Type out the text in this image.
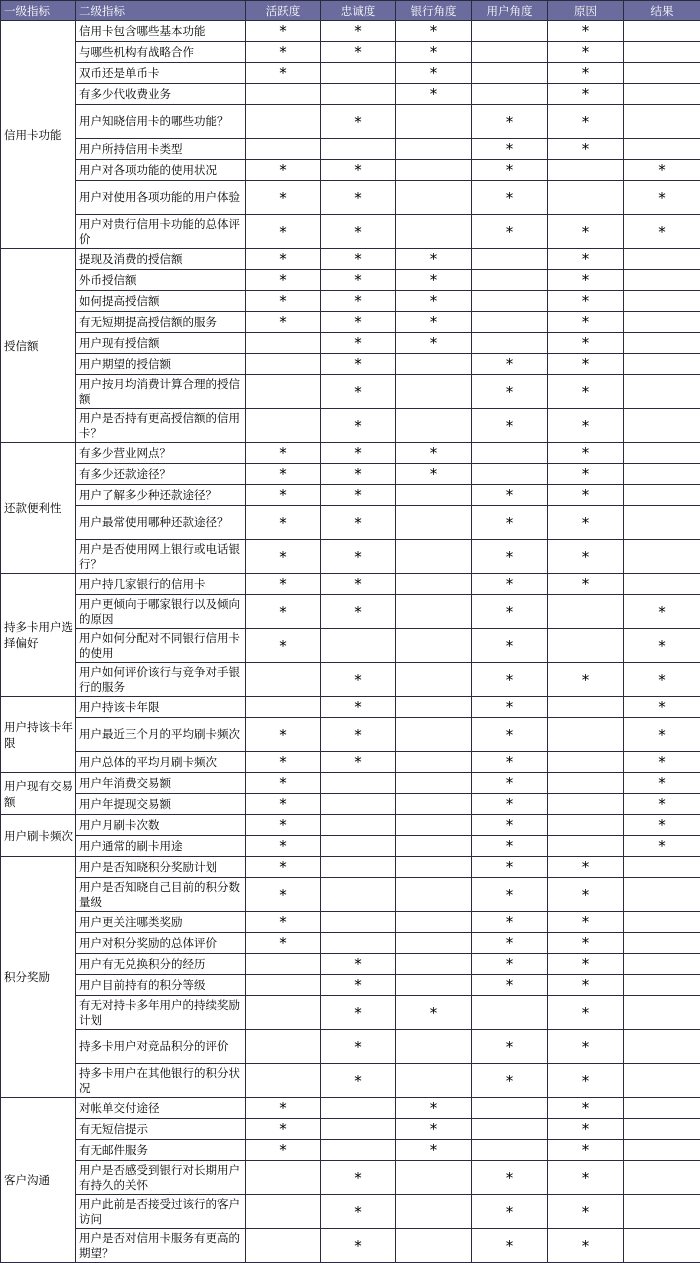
一级指标	二级指标	活跃度	忠诚度	银行角度	用户角度	原因	结果
信用卡功能	信用卡包含哪些基本功能	*	*	*		*	
	与哪些机构有战略合作	*	*	*		*	
	双币还是单币卡	*		*		*	
	有多少代收费业务			*		*	
	用户知晓信用卡的哪些功能？		*		*	*	
	用户所持信用卡类型				*	*	
	用户对各项功能的使用状况	*	*		*		*
	用户对使用各项功能的用户体验	*	*		*		*
	用户对贵行信用卡功能的总体评价	*	*		*	*	*
授信额	提现及消费的授信额	*	*	*		*	
	外币授信额	*	*	*		*	
	如何提高授信额	*	*	*		*	
	有无短期提高授信额的服务	*	*	*		*	
	用户现有授信额		*	*		*	
	用户期望的授信额		*		*	*	
	用户按月均消费计算合理的授信额		*		*	*	
	用户是否持有更高授信额的信用卡？		*		*	*	
还款便利性	有多少营业网点？	*	*	*		*	
	有多少还款途径？	*	*	*		*	
	用户了解多少种还款途径？	*	*		*	*	
	用户最常使用哪种还款途径？	*	*		*	*	
	用户是否使用网上银行或电话银行？	*	*		*	*	
持多卡用户选择偏好	用户持几家银行的信用卡	*	*		*	*	
	用户更倾向于哪家银行以及倾向的原因	*	*		*		*
	用户如何分配对不同银行信用卡的使用	*			*		*
	用户如何评价该行与竞争对手银行的服务		*		*	*	*
用户持该卡年限	用户持该卡年限		*		*		*
	用户最近三个月的平均刷卡频次	*	*		*		*
	用户总体的平均月刷卡频次	*	*		*		*
用户现有交易额	用户年消费交易额	*			*		*
	用户年提现交易额	*			*		*
用户刷卡频次	用户月刷卡次数	*			*		*
	用户通常的刷卡用途	*			*		*
积分奖励	用户是否知晓积分奖励计划	*			*	*	
	用户是否知晓自己目前的积分数量级	*			*	*	
	用户更关注哪类奖励	*			*	*	
	用户对积分奖励的总体评价	*			*	*	
	用户有无兑换积分的经历		*		*	*	
	用户目前持有的积分等级		*		*	*	
	有无对持卡多年用户的持续奖励计划		*	*		*	
	持多卡用户对竞品积分的评价		*		*	*	
	持多卡用户在其他银行的积分状况		*		*	*	
客户沟通	对帐单交付途径	*		*		*	
	有无短信提示	*		*		*	
	有无邮件服务	*		*		*	
	用户是否感受到银行对长期用户有持久的关怀		*		*	*	
	用户此前是否接受过该行的客户访问		*		*	*	
	用户是否对信用卡服务有更高的期望？		*		*	*	
